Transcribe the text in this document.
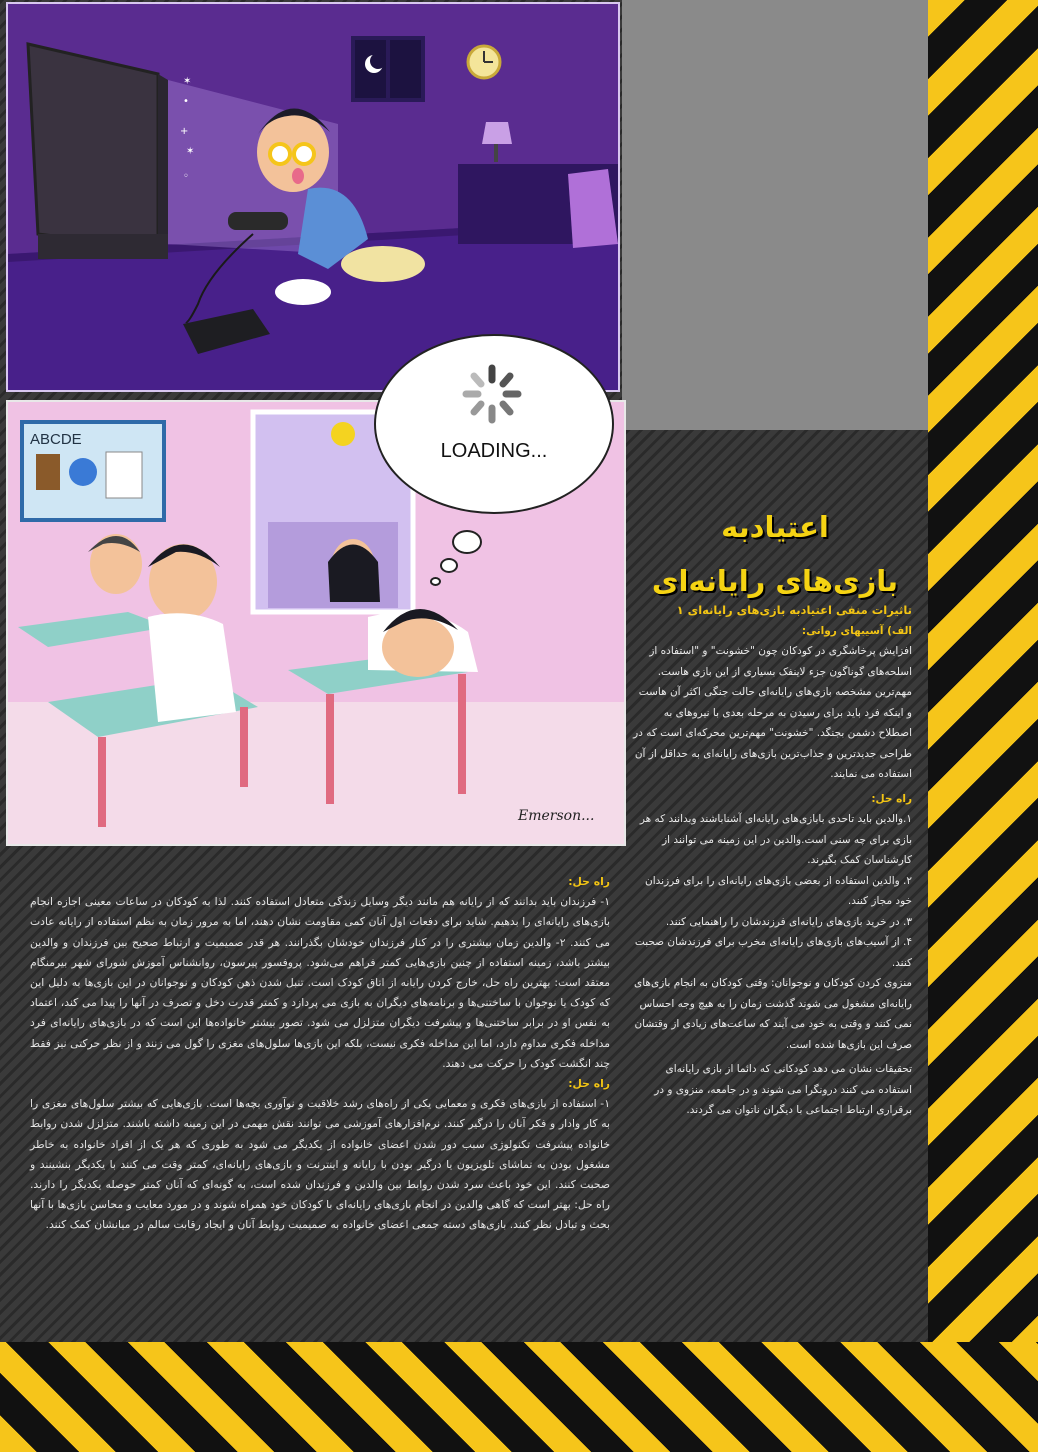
✶
•
+
✶
◦
ABCDE
Emerson...
LOADING...
اعتیادبه
بازی‌های رایانه‌ای

تاثیرات منفی اعتیادبه بازی‌های رایانه‌ای ۱

الف) آسیبهای روانی:

افزایش پرخاشگری در کودکان چون "خشونت" و "استفاده از اسلحه‌های گوناگون جزء لاینفک بسیاری از این بازی هاست. مهم‌ترین مشخصه بازی‌های رایانه‌ای حالت جنگی اکثر آن هاست و اینکه فرد باید برای رسیدن به مرحله بعدی با نیروهای به اصطلاح دشمن بجنگد. "خشونت" مهم‌ترین محرکه‌ای است که در طراحی جدیدترین و جذاب‌ترین بازی‌های رایانه‌ای به حداقل از آن استفاده می نمایند.

راه حل:

۱.والدین باید تاحدی بابازی‌های رایانه‌ای آشناباشند وبدانند که هر بازی برای چه سنی است.والدین در این زمینه می توانند از کارشناسان کمک بگیرند.

۲. والدین استفاده از بعضی بازی‌های رایانه‌ای را برای فرزندان خود مجاز کنند.

۳. در خرید بازی‌های رایانه‌ای فرزندشان را راهنمایی کنند.

۴. از آسیب‌های بازی‌های رایانه‌ای مخرب برای فرزندشان صحبت کنند.

منزوی کردن کودکان و نوجوانان: وقتی کودکان به انجام بازی‌های رایانه‌ای مشغول می شوند گذشت زمان را به هیچ وجه احساس نمی کنند و وقتی به خود می آیند که ساعت‌های زیادی از وقتشان صرف این بازی‌ها شده است.

تحقیقات نشان می دهد کودکانی که دائما از بازی رایانه‌ای استفاده می کنند درونگرا می شوند و در جامعه، منزوی و در برقراری ارتباط اجتماعی با دیگران ناتوان می گردند.

راه حل:

۱- فرزندان باید بدانند که از رایانه هم مانند دیگر وسایل زندگی متعادل استفاده کنند. لذا به کودکان در ساعات معینی اجازه انجام بازی‌های رایانه‌ای را بدهیم. شاید برای دفعات اول آنان کمی مقاومت نشان دهند، اما به مرور زمان به نظم استفاده از رایانه عادت می کنند. ۲- والدین زمان بیشتری را در کنار فرزندان خودشان بگذرانند. هر قدر صمیمیت و ارتباط صحیح بین فرزندان و والدین بیشتر باشد، زمینه استفاده از چنین بازی‌هایی کمتر فراهم می‌شود. پروفسور پیرسون، روانشناس آموزش شورای شهر بیرمنگام معتقد است: بهترین راه حل، خارج کردن رایانه از اتاق کودک است. تنبل شدن ذهن کودکان و نوجوانان در این بازی‌ها به دلیل این که کودک یا نوجوان با ساختنی‌ها و برنامه‌های دیگران به بازی می پردازد و کمتر قدرت دخل و تصرف در آنها را پیدا می کند، اعتماد به نفس او در برابر ساختنی‌ها و پیشرفت دیگران متزلزل می شود. تصور بیشتر خانواده‌ها این است که در بازی‌های رایانه‌ای فرد مداخله فکری مداوم دارد، اما این مداخله فکری نیست، بلکه این بازی‌ها سلول‌های مغزی را گول می زنند و از نظر حرکتی نیز فقط چند انگشت کودک را حرکت می دهند.

راه حل:

۱- استفاده از بازی‌های فکری و معمایی یکی از راه‌های رشد خلاقیت و نوآوری بچه‌ها است. بازی‌هایی که بیشتر سلول‌های مغزی را به کار وادار و فکر آنان را درگیر کنند. نرم‌افزارهای آموزشی می توانند نقش مهمی در این زمینه داشته باشند. متزلزل شدن روابط خانواده پیشرفت تکنولوژی سبب دور شدن اعضای خانواده از یکدیگر می شود به طوری که هر یک از افراد خانواده به خاطر مشغول بودن به تماشای تلویزیون یا درگیر بودن با رایانه و اینترنت و بازی‌های رایانه‌ای، کمتر وقت می کنند با یکدیگر بنشینند و صحبت کنند. این خود باعث سرد شدن روابط بین والدین و فرزندان شده است، به گونه‌ای که آنان کمتر حوصله یکدیگر را دارند. راه حل: بهتر است که گاهی والدین در انجام بازی‌های رایانه‌ای با کودکان خود همراه شوند و در مورد معایب و محاسن بازی‌ها با آنها بحث و تبادل نظر کنند. بازی‌های دسته جمعی اعضای خانواده به صمیمیت روابط آنان و ایجاد رقابت سالم در میانشان کمک کنند.
